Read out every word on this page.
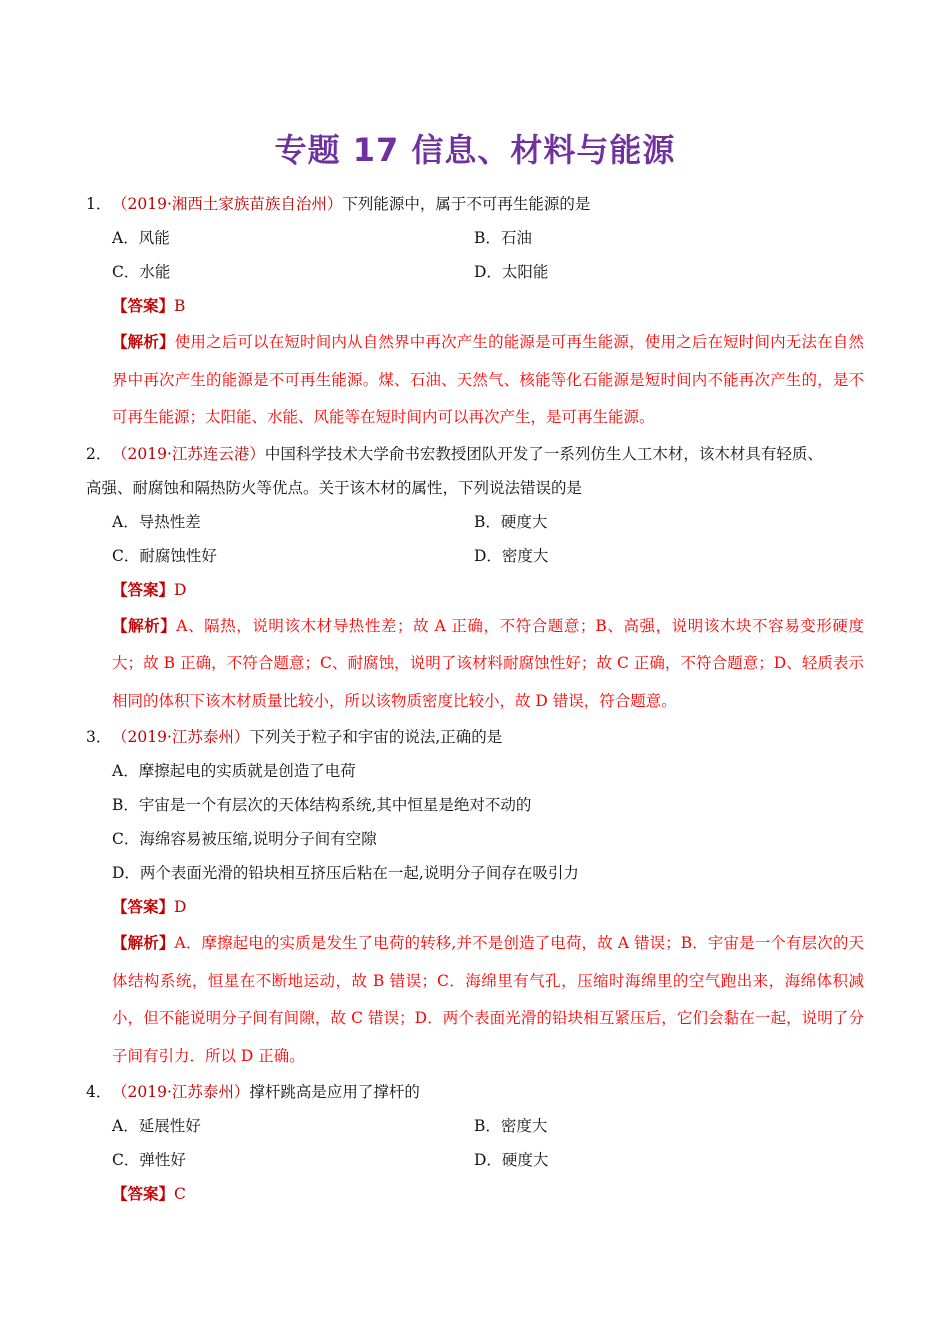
专题 17 信息、材料与能源
1． （2019·湘西土家族苗族自治州）下列能源中，属于不可再生能源的是
A．风能	B．石油
C．水能	D．太阳能
【答案】B
【解析】使用之后可以在短时间内从自然界中再次产生的能源是可再生能源，使用之后在短时间内无法在自然界中再次产生的能源是不可再生能源。煤、石油、天然气、核能等化石能源是短时间内不能再次产生的，是不可再生能源；太阳能、水能、风能等在短时间内可以再次产生，是可再生能源。
2． （2019·江苏连云港）中国科学技术大学俞书宏教授团队开发了一系列仿生人工木材，该木材具有轻质、
高强、耐腐蚀和隔热防火等优点。关于该木材的属性，下列说法错误的是
A．导热性差	B．硬度大
C．耐腐蚀性好	D．密度大
【答案】D
【解析】A、隔热，说明该木材导热性差；故 A 正确，不符合题意；B、高强，说明该木块不容易变形硬度大；故 B 正确，不符合题意；C、耐腐蚀，说明了该材料耐腐蚀性好；故 C 正确，不符合题意；D、轻质表示相同的体积下该木材质量比较小，所以该物质密度比较小，故 D 错误，符合题意。
3． （2019·江苏泰州）下列关于粒子和宇宙的说法,正确的是
A．摩擦起电的实质就是创造了电荷
B．宇宙是一个有层次的天体结构系统,其中恒星是绝对不动的
C．海绵容易被压缩,说明分子间有空隙
D．两个表面光滑的铅块相互挤压后粘在一起,说明分子间存在吸引力
【答案】D
【解析】A．摩擦起电的实质是发生了电荷的转移,并不是创造了电荷，故 A 错误；B．宇宙是一个有层次的天体结构系统，恒星在不断地运动，故 B 错误；C．海绵里有气孔，压缩时海绵里的空气跑出来，海绵体积减小，但不能说明分子间有间隙，故 C 错误；D．两个表面光滑的铅块相互紧压后，它们会黏在一起，说明了分子间有引力．所以 D 正确。
4． （2019·江苏泰州）撑杆跳高是应用了撑杆的
A．延展性好	B．密度大
C．弹性好	D．硬度大
【答案】C
